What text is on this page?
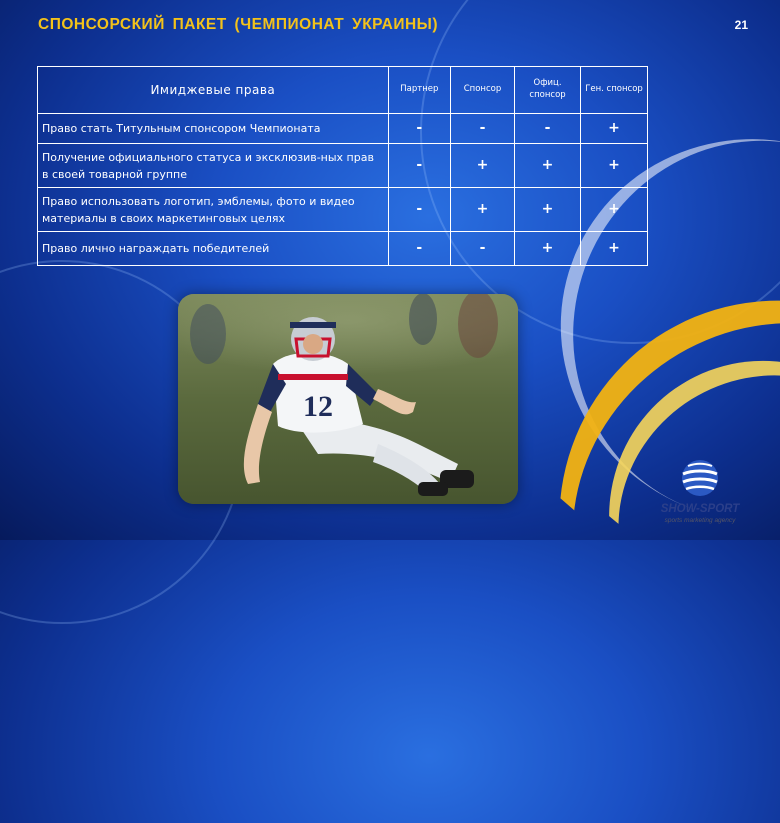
СПОНСОРСКИЙ ПАКЕТ (ЧЕМПИОНАТ УКРАИНЫ)	21
Имиджевые права	Партнер	Спонсор	Офиц. спонсор	Ген. спонсор
Право стать Титульным спонсором Чемпионата	-	-	-	+
Получение официального статуса и эксклюзив-ных прав в своей товарной группе	-	+	+	+
Право использовать логотип, эмблемы, фото и видео материалы в своих маркетинговых целях	-	+	+	+
Право лично награждать победителей	-	-	+	+
12
SHOW-SPORT
sports marketing agency
